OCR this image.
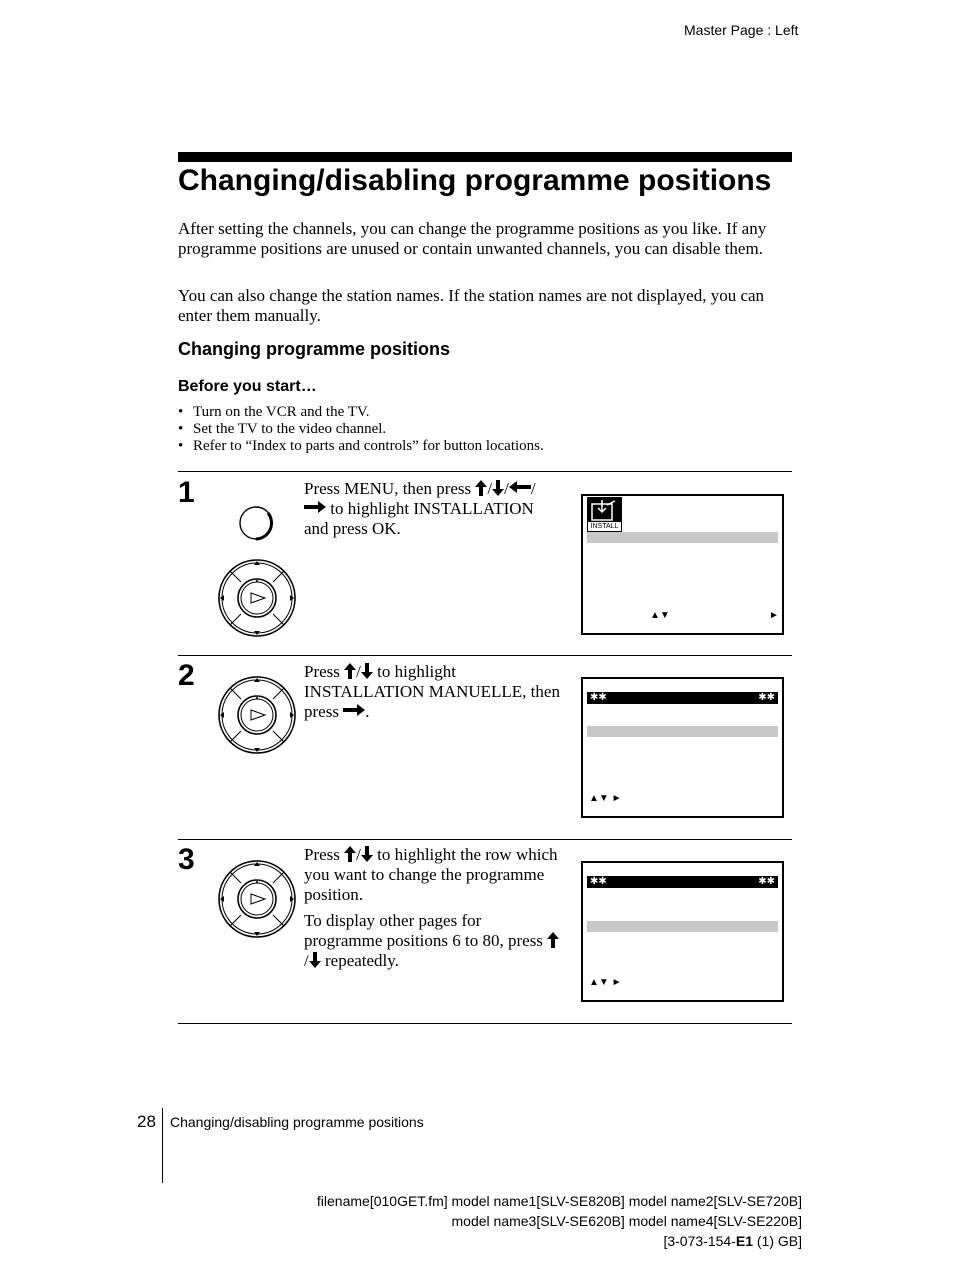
Master Page : Left
Changing/disabling programme positions
After setting the channels, you can change the programme positions as you like. If any programme positions are unused or contain unwanted channels, you can disable them.
You can also change the station names. If the station names are not displayed, you can enter them manually.
Changing programme positions
Before you start…
• Turn on the VCR and the TV.
• Set the TV to the video channel.
• Refer to “Index to parts and controls” for button locations.
1	Press MENU, then press / / /  to highlight INSTALLATION and press OK.	INSTALL
▲▼	►
2	Press / to highlight INSTALLATION MANUELLE, then press .

✱✱	✱✱
▲▼ ►
3	Press / to highlight the row which you want to change the programme position.

To display other pages for programme positions 6 to 80, press / repeatedly.

✱✱	✱✱
▲▼ ►
28 Changing/disabling programme positions
filename[010GET.fm] model name1[SLV-SE820B] model name2[SLV-SE720B]
model name3[SLV-SE620B] model name4[SLV-SE220B]
[3-073-154-E1 (1) GB]
